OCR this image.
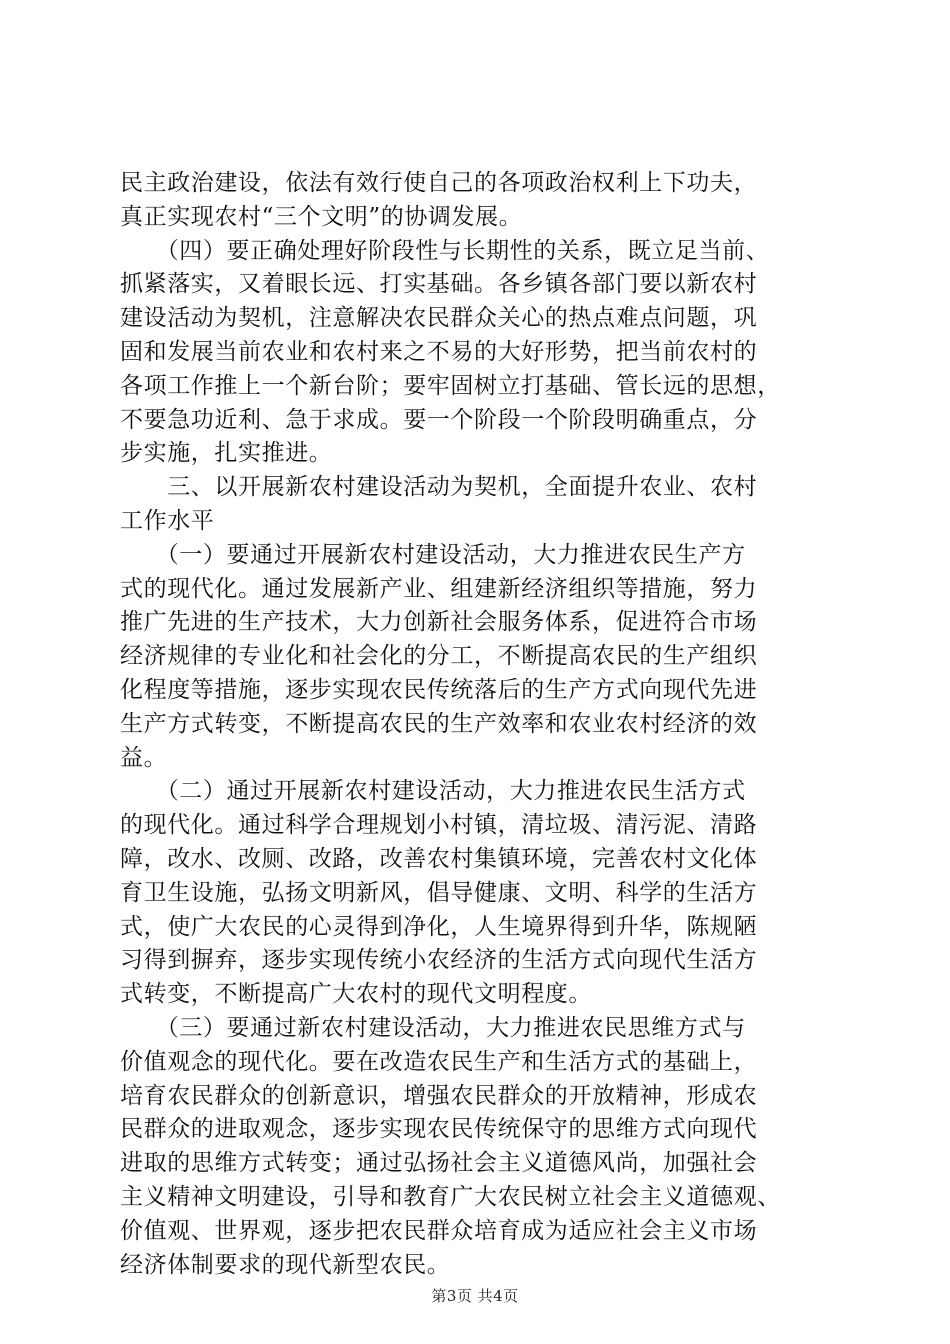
民主政治建设，依法有效行使自己的各项政治权利上下功夫，
真正实现农村“三个文明”的协调发展。
　　（四）要正确处理好阶段性与长期性的关系，既立足当前、
抓紧落实，又着眼长远、打实基础。各乡镇各部门要以新农村
建设活动为契机，注意解决农民群众关心的热点难点问题，巩
固和发展当前农业和农村来之不易的大好形势，把当前农村的
各项工作推上一个新台阶；要牢固树立打基础、管长远的思想，
不要急功近利、急于求成。要一个阶段一个阶段明确重点，分
步实施，扎实推进。
　　三、以开展新农村建设活动为契机，全面提升农业、农村
工作水平
　　（一）要通过开展新农村建设活动，大力推进农民生产方
式的现代化。通过发展新产业、组建新经济组织等措施，努力
推广先进的生产技术，大力创新社会服务体系，促进符合市场
经济规律的专业化和社会化的分工，不断提高农民的生产组织
化程度等措施，逐步实现农民传统落后的生产方式向现代先进
生产方式转变，不断提高农民的生产效率和农业农村经济的效
益。
　　（二）通过开展新农村建设活动，大力推进农民生活方式
的现代化。通过科学合理规划小村镇，清垃圾、清污泥、清路
障，改水、改厕、改路，改善农村集镇环境，完善农村文化体
育卫生设施，弘扬文明新风，倡导健康、文明、科学的生活方
式，使广大农民的心灵得到净化，人生境界得到升华，陈规陋
习得到摒弃，逐步实现传统小农经济的生活方式向现代生活方
式转变，不断提高广大农村的现代文明程度。
　　（三）要通过新农村建设活动，大力推进农民思维方式与
价值观念的现代化。要在改造农民生产和生活方式的基础上，
培育农民群众的创新意识，增强农民群众的开放精神，形成农
民群众的进取观念，逐步实现农民传统保守的思维方式向现代
进取的思维方式转变；通过弘扬社会主义道德风尚，加强社会
主义精神文明建设，引导和教育广大农民树立社会主义道德观、
价值观、世界观，逐步把农民群众培育成为适应社会主义市场
经济体制要求的现代新型农民。
第3页 共4页
